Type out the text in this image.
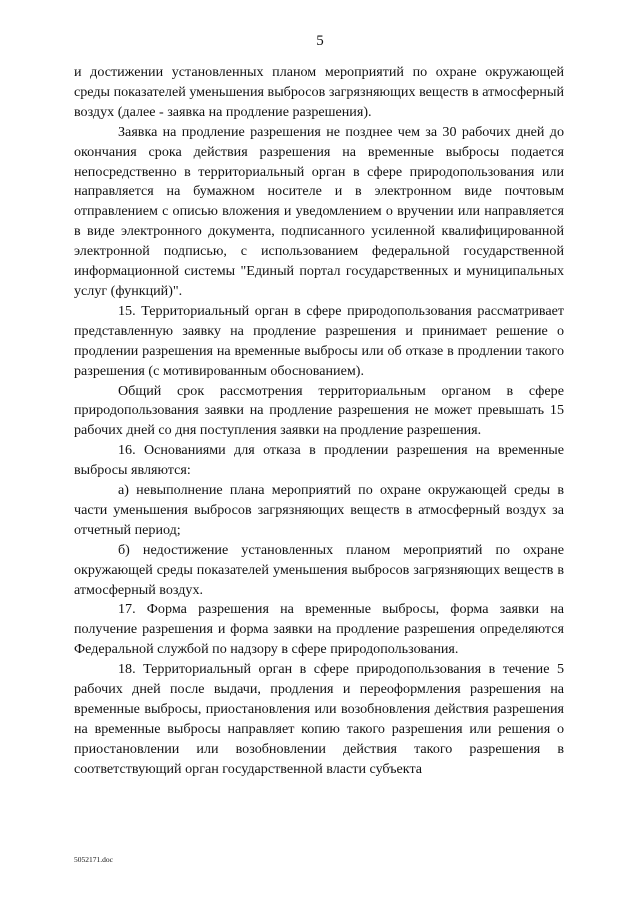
5

и достижении установленных планом мероприятий по охране окружающей среды показателей уменьшения выбросов загрязняющих веществ в атмосферный воздух (далее - заявка на продление разрешения).

Заявка на продление разрешения не позднее чем за 30 рабочих дней до окончания срока действия разрешения на временные выбросы подается непосредственно в территориальный орган в сфере природопользования или направляется на бумажном носителе и в электронном виде почтовым отправлением с описью вложения и уведомлением о вручении или направляется в виде электронного документа, подписанного усиленной квалифицированной электронной подписью, с использованием федеральной государственной информационной системы "Единый портал государственных и муниципальных услуг (функций)".

15. Территориальный орган в сфере природопользования рассматривает представленную заявку на продление разрешения и принимает решение о продлении разрешения на временные выбросы или об отказе в продлении такого разрешения (с мотивированным обоснованием).

Общий срок рассмотрения территориальным органом в сфере природопользования заявки на продление разрешения не может превышать 15 рабочих дней со дня поступления заявки на продление разрешения.

16. Основаниями для отказа в продлении разрешения на временные выбросы являются:

а) невыполнение плана мероприятий по охране окружающей среды в части уменьшения выбросов загрязняющих веществ в атмосферный воздух за отчетный период;

б) недостижение установленных планом мероприятий по охране окружающей среды показателей уменьшения выбросов загрязняющих веществ в атмосферный воздух.

17. Форма разрешения на временные выбросы, форма заявки на получение разрешения и форма заявки на продление разрешения определяются Федеральной службой по надзору в сфере природопользования.

18. Территориальный орган в сфере природопользования в течение 5 рабочих дней после выдачи, продления и переоформления разрешения на временные выбросы, приостановления или возобновления действия разрешения на временные выбросы направляет копию такого разрешения или решения о приостановлении или возобновлении действия такого разрешения в соответствующий орган государственной власти субъекта

5052171.doc
